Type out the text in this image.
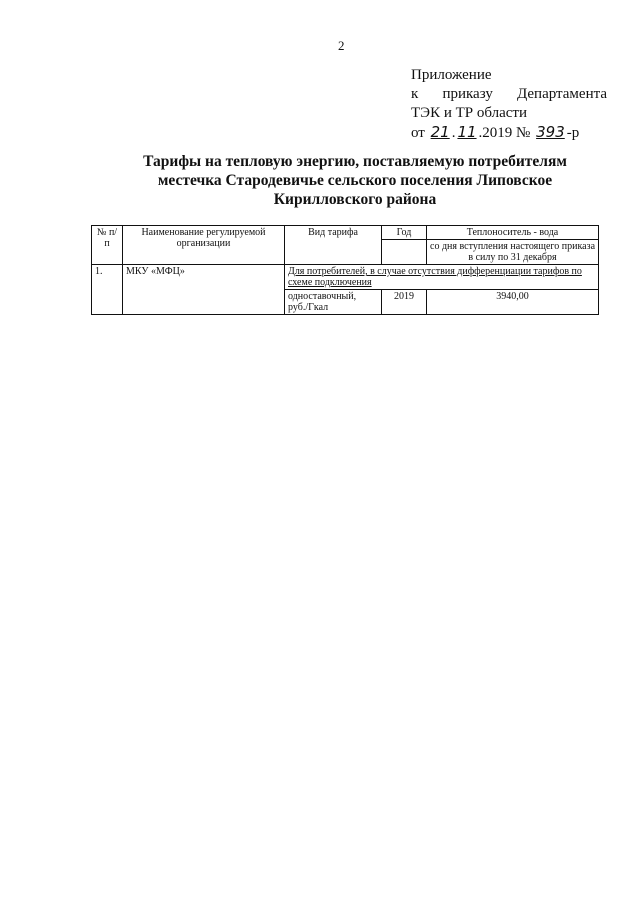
2
Приложение
к приказу Департамента
ТЭК и ТР области
от 21 . 11 .2019 № 393 -р
Тарифы на тепловую энергию, поставляемую потребителям
местечка Стародевичье сельского поселения Липовское
Кирилловского района
№ п/п	Наименование регулируемой организации	Вид тарифа	Год	Теплоноситель - вода
				со дня вступления настоящего приказа в силу по 31 декабря
1.	МКУ «МФЦ»	Для потребителей, в случае отсутствия дифференциации тарифов по схеме подключения		
		одноставочный, руб./Гкал	2019	3940,00
